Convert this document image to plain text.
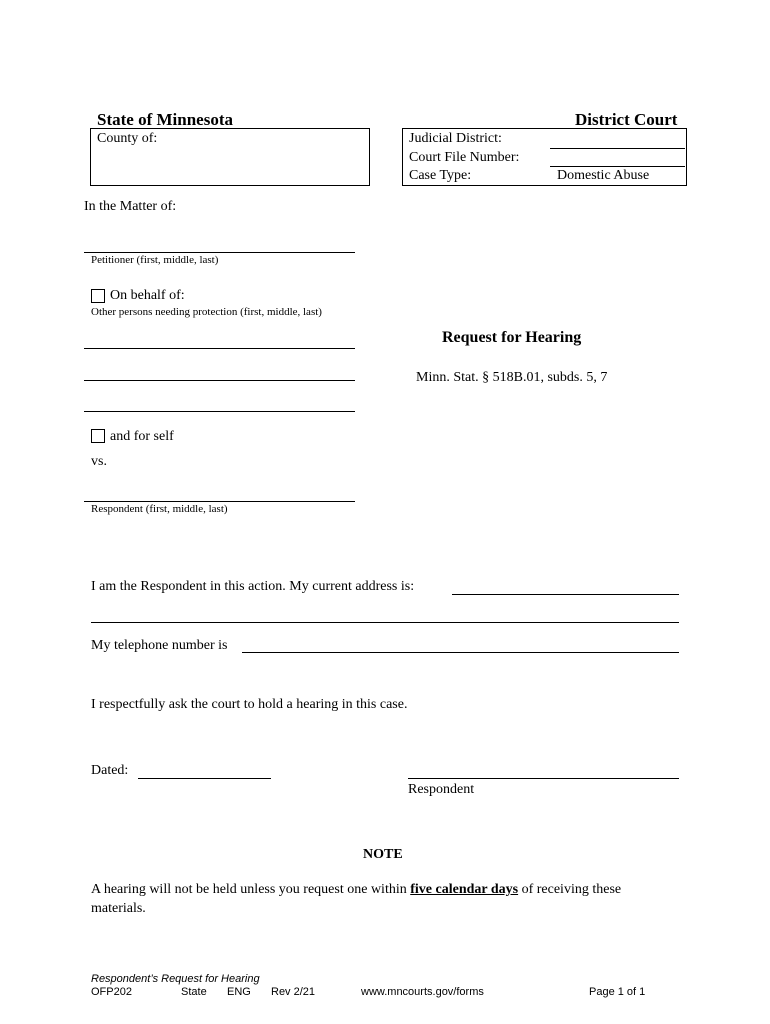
State of Minnesota	District Court
County of:	Judicial District:
Court File Number:
Case Type:	Domestic Abuse
In the Matter of:
Petitioner (first, middle, last)
On behalf of:
Other persons needing protection (first, middle, last)
and for self
vs.
Respondent (first, middle, last)
Request for Hearing
Minn. Stat. § 518B.01, subds. 5, 7
I am the Respondent in this action. My current address is:
My telephone number is
I respectfully ask the court to hold a hearing in this case.
Dated:
Respondent
NOTE
A hearing will not be held unless you request one within five calendar days of receiving these
materials.
Respondent’s Request for Hearing
OFP202	State ENG Rev 2/21	www.mncourts.gov/forms	Page 1 of 1
